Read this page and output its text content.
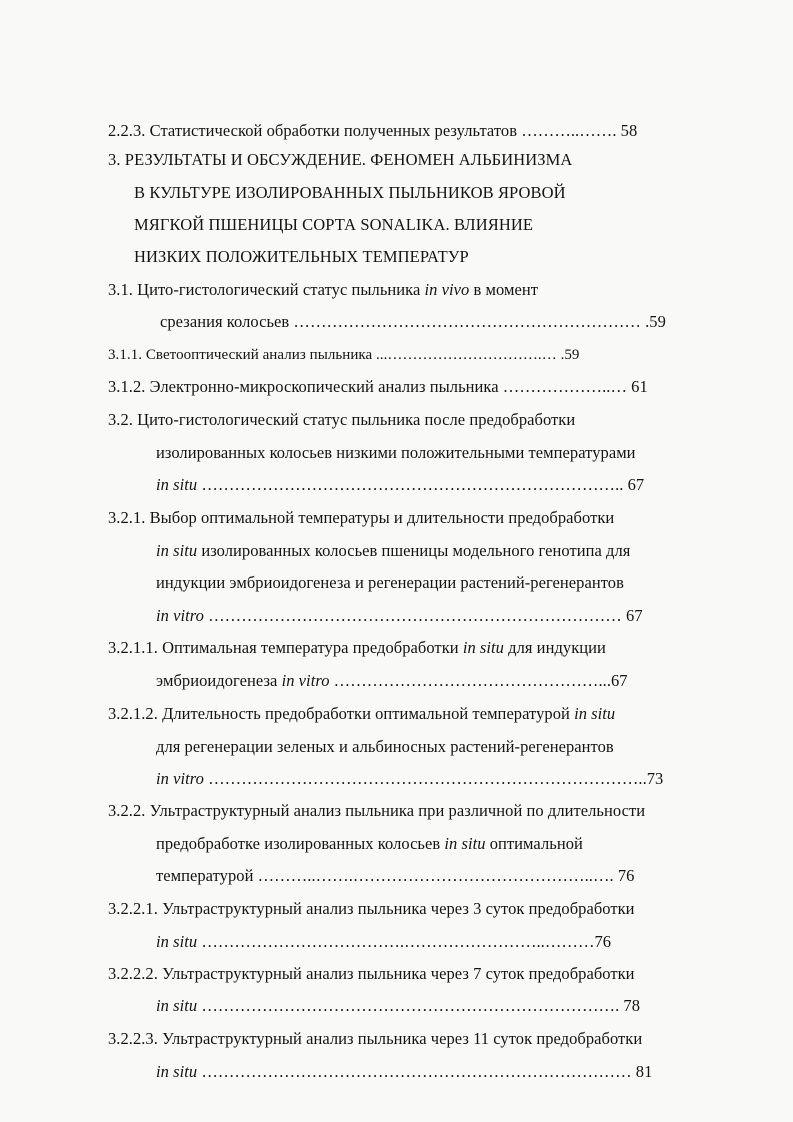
2.2.3. Статистической обработки полученных результатов ………..……. 58
3. РЕЗУЛЬТАТЫ И ОБСУЖДЕНИЕ. ФЕНОМЕН АЛЬБИНИЗМА
В КУЛЬТУРЕ ИЗОЛИРОВАННЫХ ПЫЛЬНИКОВ ЯРОВОЙ
МЯГКОЙ ПШЕНИЦЫ СОРТА SONALIKA. ВЛИЯНИЕ
НИЗКИХ ПОЛОЖИТЕЛЬНЫХ ТЕМПЕРАТУР
3.1. Цито-гистологический статус пыльника in vivo в момент
срезания колосьев ……………………………………………………… .59
3.1.1. Светооптический анализ пыльника ...………………………….… .59
3.1.2. Электронно-микроскопический анализ пыльника ………………..… 61
3.2. Цито-гистологический статус пыльника после предобработки
изолированных колосьев низкими положительными температурами
in situ ………………………………………………………………….. 67
3.2.1. Выбор оптимальной температуры и длительности предобработки
in situ изолированных колосьев пшеницы модельного генотипа для
индукции эмбриоидогенеза и регенерации растений-регенерантов
in vitro ………………………………………………………………… 67
3.2.1.1. Оптимальная температура предобработки in situ для индукции
эмбриоидогенеза in vitro …………………………………………...67
3.2.1.2. Длительность предобработки оптимальной температурой in situ
для регенерации зеленых и альбиносных растений-регенерантов
in vitro ……………………………………………………………………..73
3.2.2. Ультраструктурный анализ пыльника при различной по длительности
предобработке изолированных колосьев in situ оптимальной
температурой ………..…….……………………………………..…. 76
3.2.2.1. Ультраструктурный анализ пыльника через 3 суток предобработки
in situ ……………………………….……………………..………76
3.2.2.2. Ультраструктурный анализ пыльника через 7 суток предобработки
in situ …………………………………………………………………. 78
3.2.2.3. Ультраструктурный анализ пыльника через 11 суток предобработки
in situ …………………………………………………………………… 81
